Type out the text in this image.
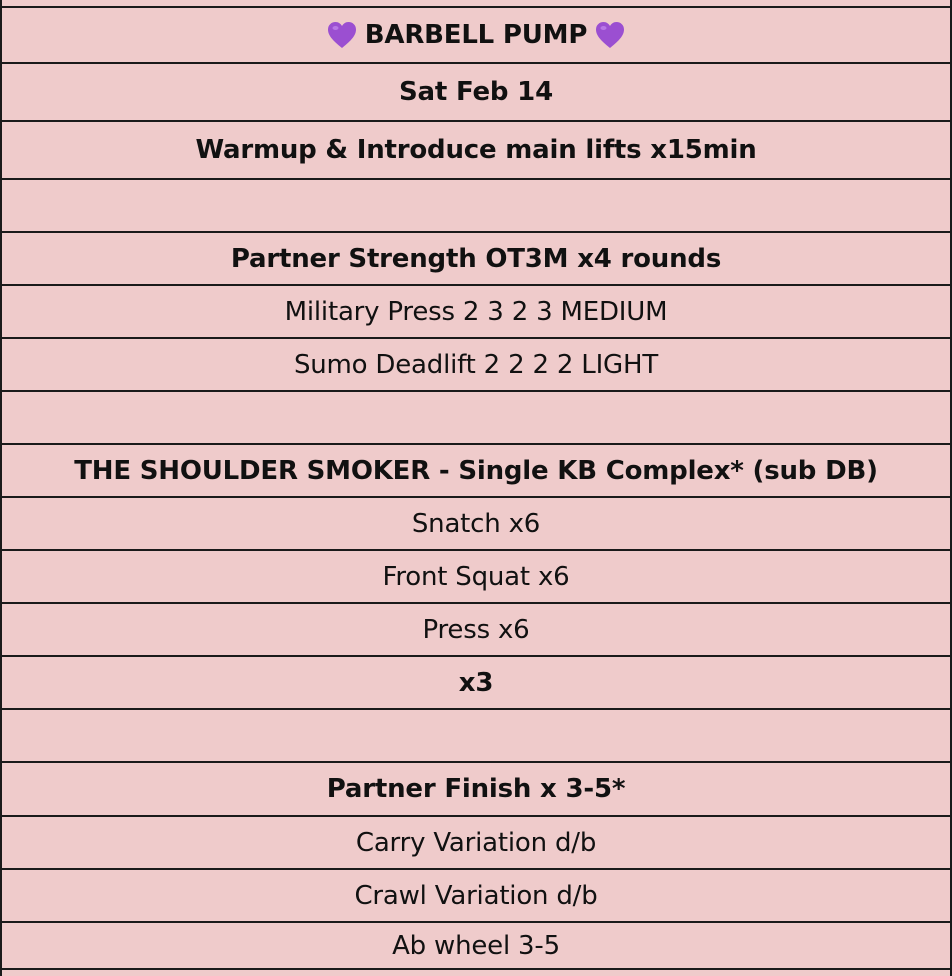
BARBELL PUMP
Sat Feb 14
Warmup & Introduce main lifts x15min
Partner Strength OT3M x4 rounds
Military Press 2 3 2 3 MEDIUM
Sumo Deadlift 2 2 2 2 LIGHT
THE SHOULDER SMOKER - Single KB Complex* (sub DB)
Snatch x6
Front Squat x6
Press x6
x3
Partner Finish x 3-5*
Carry Variation d/b
Crawl Variation d/b
Ab wheel 3-5
